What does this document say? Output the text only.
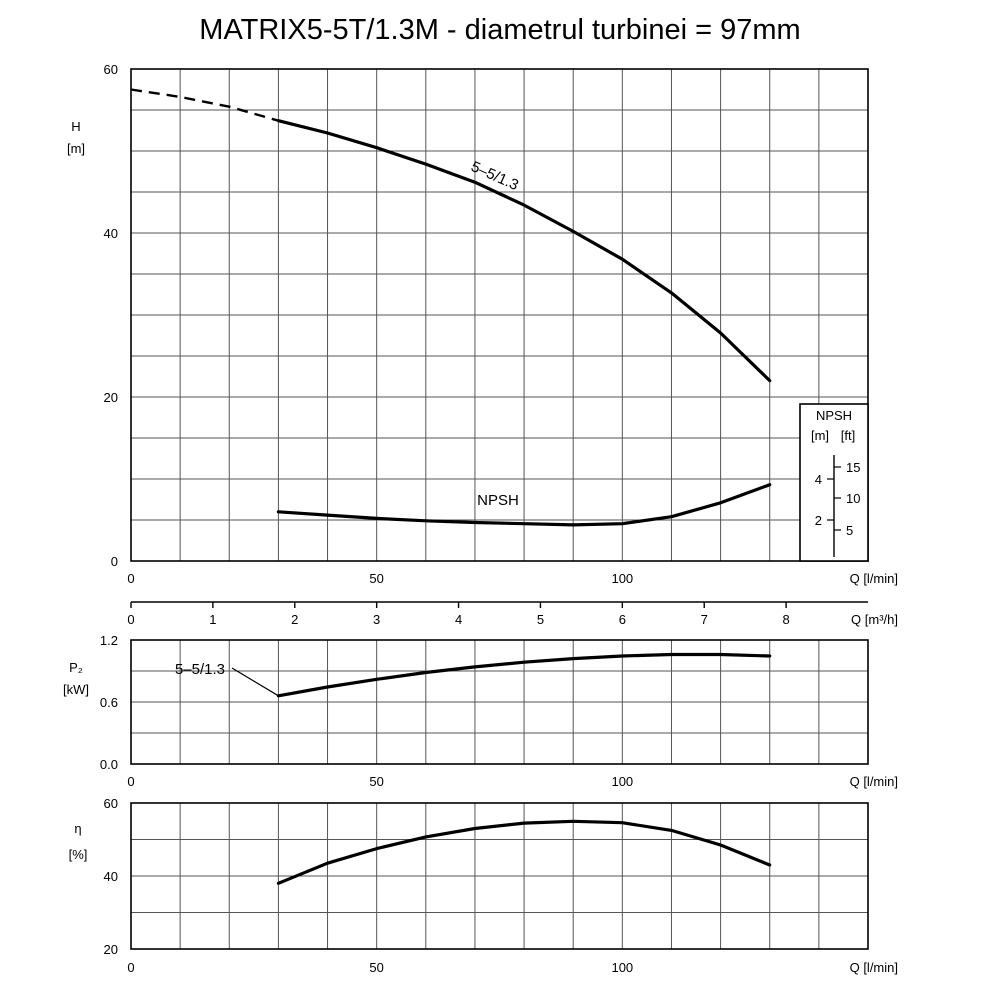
MATRIX5-5T/1.3M - diametrul turbinei = 97mm
0
20
40
60
0	50	100
H
[m]
Q [l/min]
5–5/1.3
NPSH
NPSH
[m] [ft]
4
2
15
10
5
0	1	2	3	4	5	6	7	8	Q [m³/h]
0.0
0.6
1.2
0	50	100
P₂
[kW]
Q [l/min]
5–5/1.3
20
40
60
0	50	100
η
[%]
Q [l/min]
